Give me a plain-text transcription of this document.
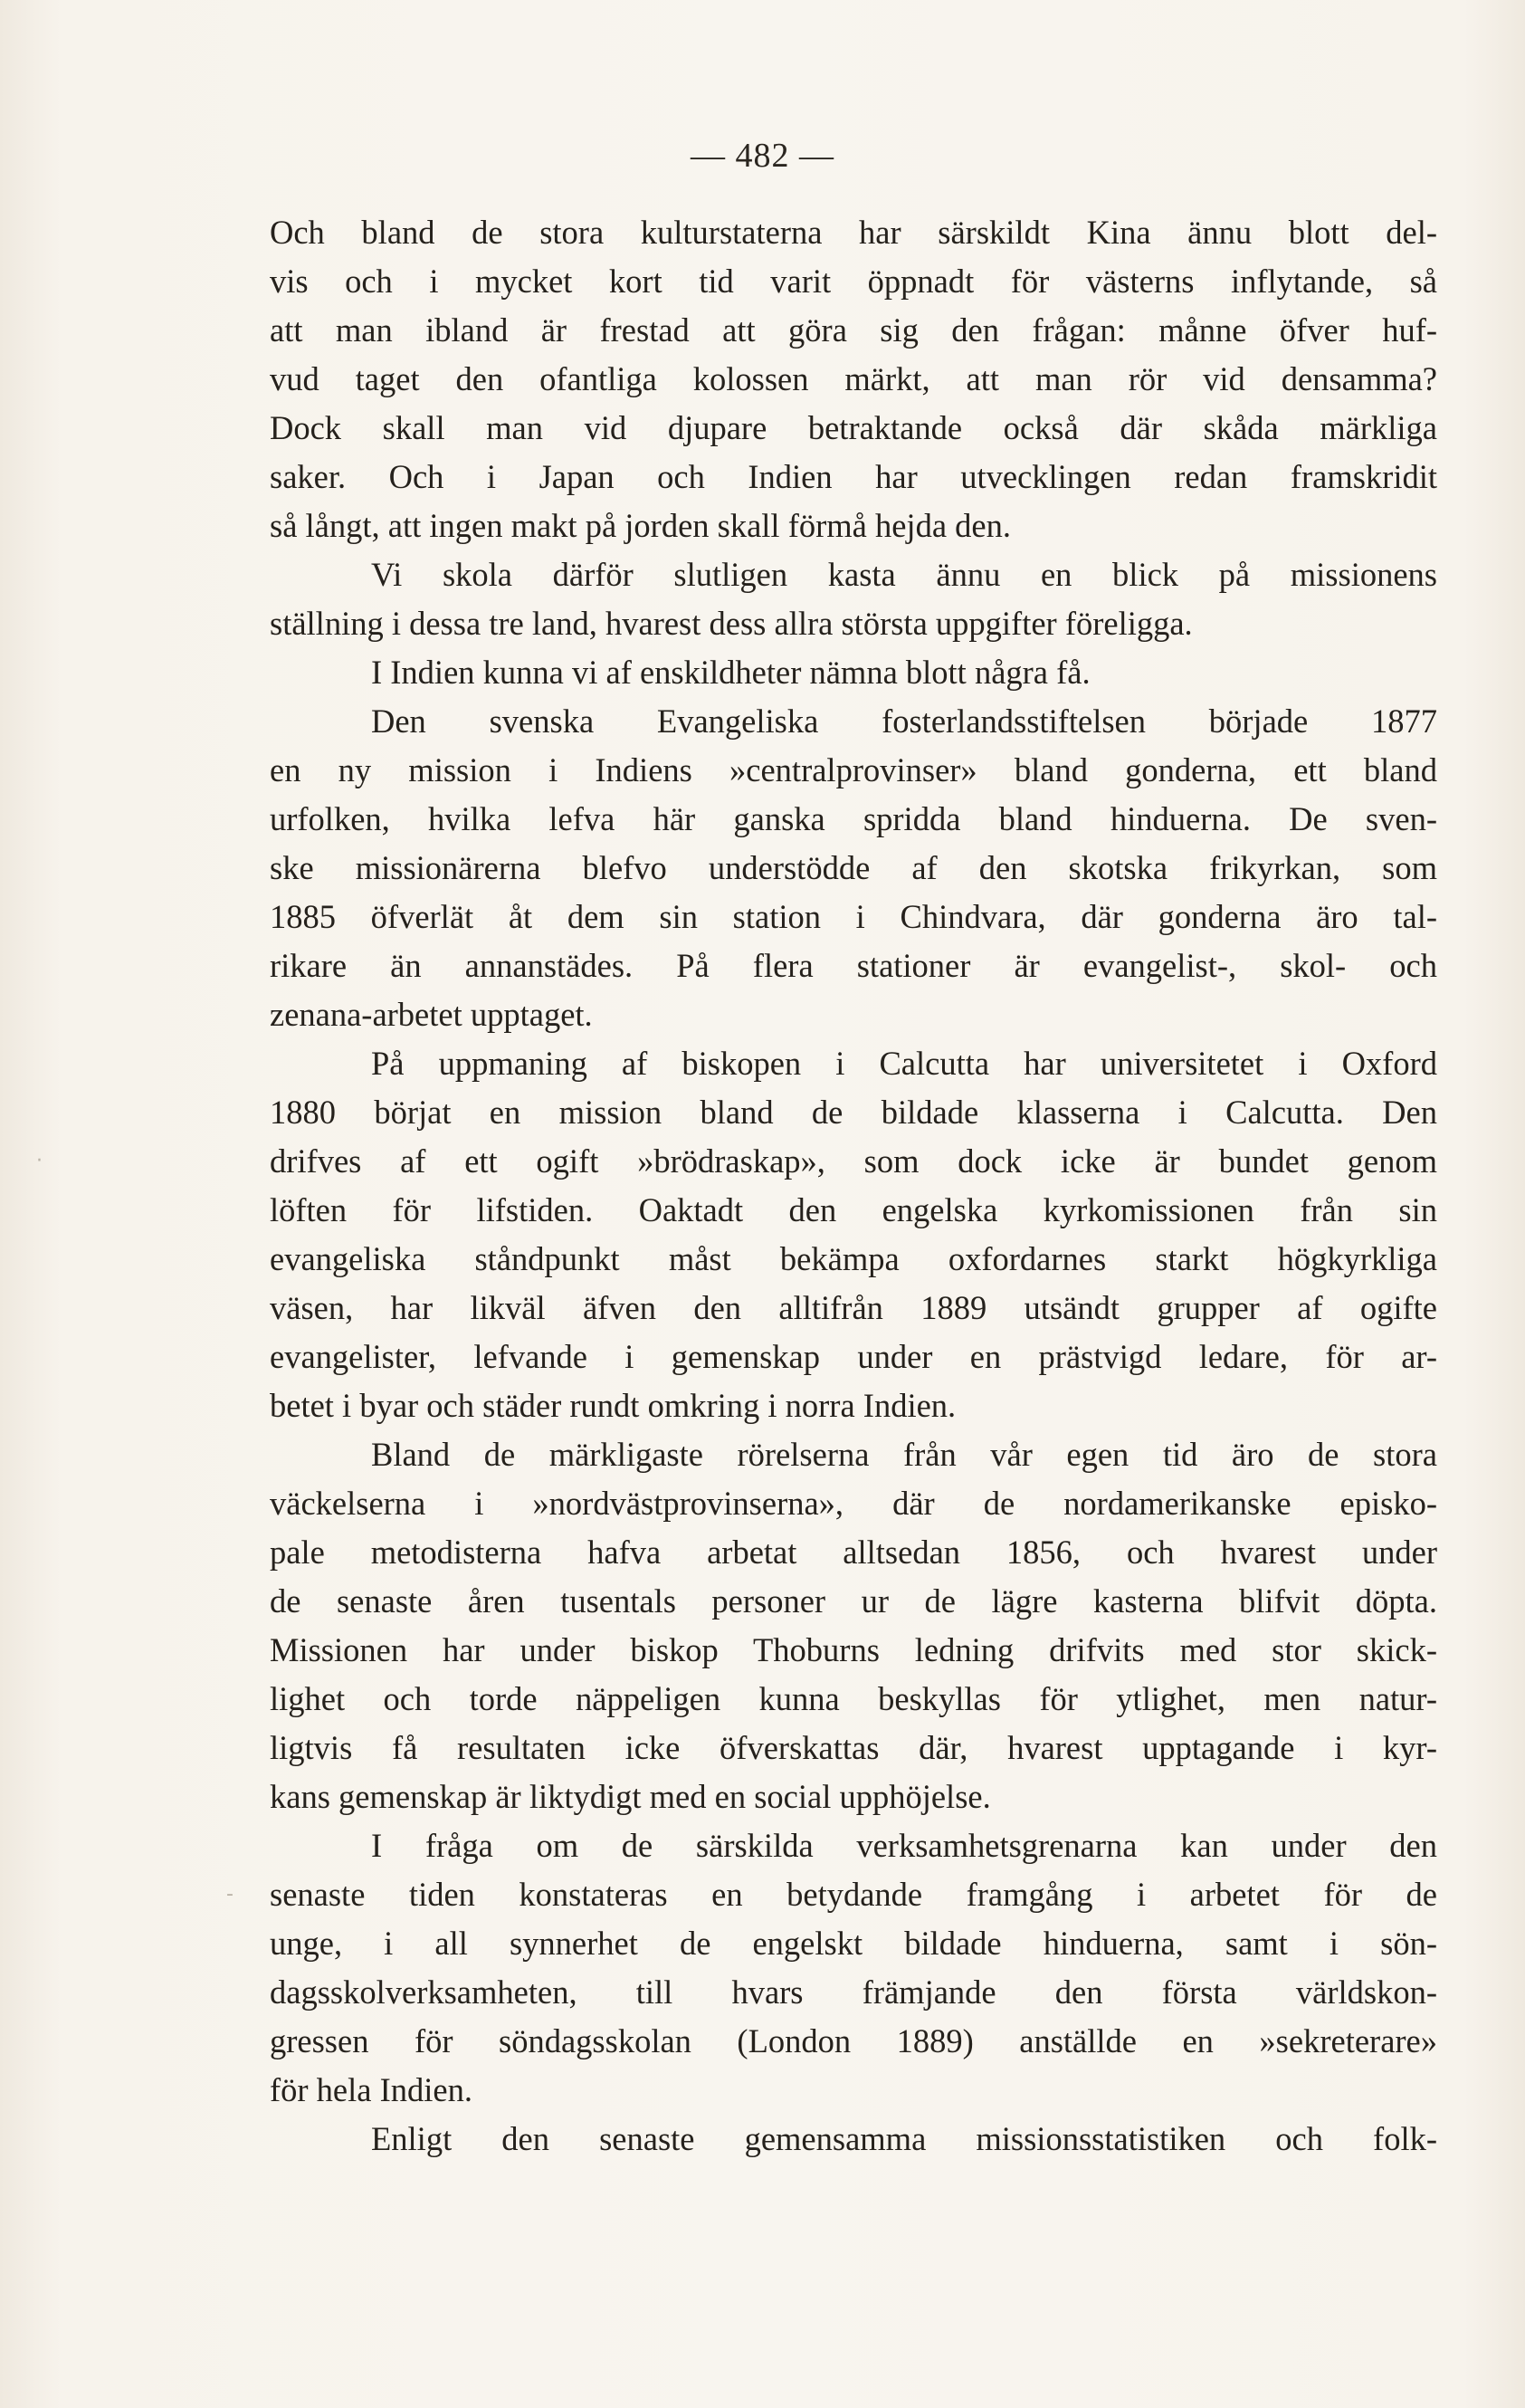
— 482 —

Och bland de stora kulturstaterna har särskildt Kina ännu blott del-

vis och i mycket kort tid varit öppnadt för västerns inflytande, så

att man ibland är frestad att göra sig den frågan: månne öfver huf-

vud taget den ofantliga kolossen märkt, att man rör vid densamma?

Dock skall man vid djupare betraktande också där skåda märkliga

saker. Och i Japan och Indien har utvecklingen redan framskridit

så långt, att ingen makt på jorden skall förmå hejda den.

Vi skola därför slutligen kasta ännu en blick på missionens

ställning i dessa tre land, hvarest dess allra största uppgifter föreligga.

I Indien kunna vi af enskildheter nämna blott några få.

Den svenska Evangeliska fosterlandsstiftelsen började 1877

en ny mission i Indiens »centralprovinser» bland gonderna, ett bland

urfolken, hvilka lefva här ganska spridda bland hinduerna. De sven-

ske missionärerna blefvo understödde af den skotska frikyrkan, som

1885 öfverlät åt dem sin station i Chindvara, där gonderna äro tal-

rikare än annanstädes. På flera stationer är evangelist-, skol- och

zenana-arbetet upptaget.

På uppmaning af biskopen i Calcutta har universitetet i Oxford

1880 börjat en mission bland de bildade klasserna i Calcutta. Den

drifves af ett ogift »brödraskap», som dock icke är bundet genom

löften för lifstiden. Oaktadt den engelska kyrkomissionen från sin

evangeliska ståndpunkt måst bekämpa oxfordarnes starkt högkyrkliga

väsen, har likväl äfven den alltifrån 1889 utsändt grupper af ogifte

evangelister, lefvande i gemenskap under en prästvigd ledare, för ar-

betet i byar och städer rundt omkring i norra Indien.

Bland de märkligaste rörelserna från vår egen tid äro de stora

väckelserna i »nordvästprovinserna», där de nordamerikanske episko-

pale metodisterna hafva arbetat alltsedan 1856, och hvarest under

de senaste åren tusentals personer ur de lägre kasterna blifvit döpta.

Missionen har under biskop Thoburns ledning drifvits med stor skick-

lighet och torde näppeligen kunna beskyllas för ytlighet, men natur-

ligtvis få resultaten icke öfverskattas där, hvarest upptagande i kyr-

kans gemenskap är liktydigt med en social upphöjelse.

I fråga om de särskilda verksamhetsgrenarna kan under den

senaste tiden konstateras en betydande framgång i arbetet för de

unge, i all synnerhet de engelskt bildade hinduerna, samt i sön-

dagsskolverksamheten, till hvars främjande den första världskon-

gressen för söndagsskolan (London 1889) anställde en »sekreterare»

för hela Indien.

Enligt den senaste gemensamma missionsstatistiken och folk-

·
-
